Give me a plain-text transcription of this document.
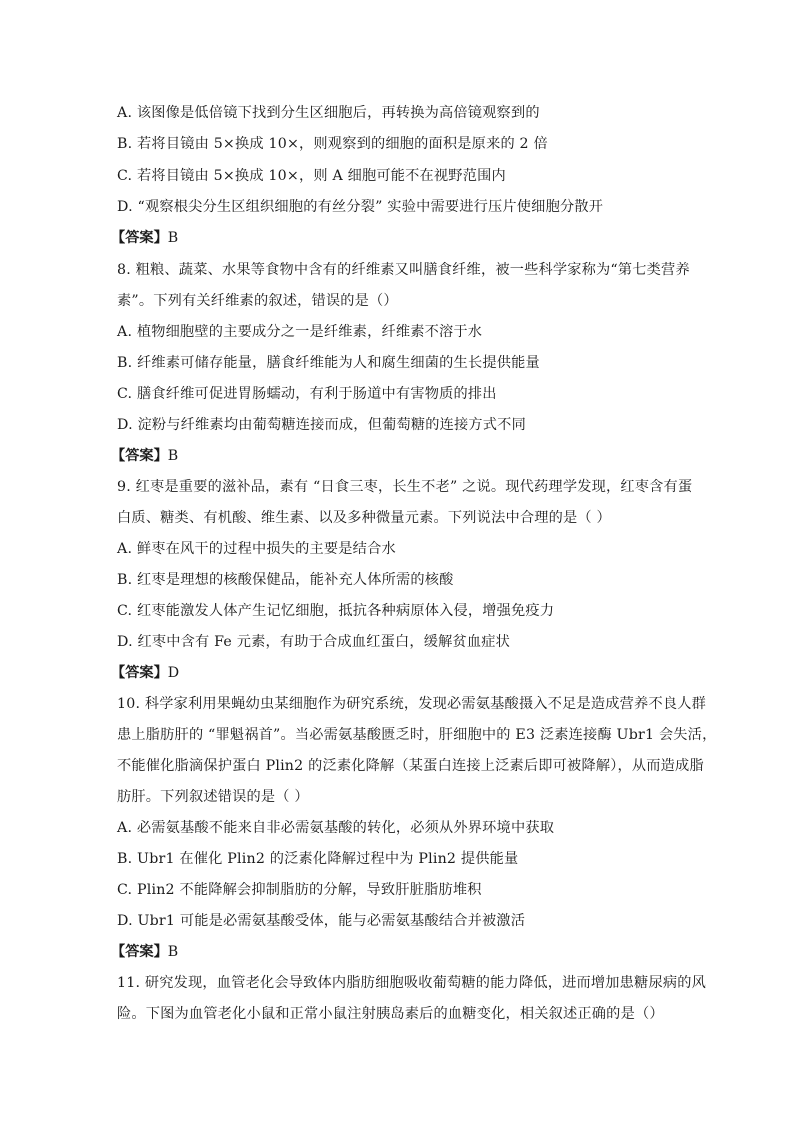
A. 该图像是低倍镜下找到分生区细胞后，再转换为高倍镜观察到的
B. 若将目镜由 5×换成 10×，则观察到的细胞的面积是原来的 2 倍
C. 若将目镜由 5×换成 10×，则 A 细胞可能不在视野范围内
D. “观察根尖分生区组织细胞的有丝分裂” 实验中需要进行压片使细胞分散开
【答案】B
8. 粗粮、蔬菜、水果等食物中含有的纤维素又叫膳食纤维，被一些科学家称为“第七类营养
素”。下列有关纤维素的叙述，错误的是（）
A. 植物细胞壁的主要成分之一是纤维素，纤维素不溶于水
B. 纤维素可储存能量，膳食纤维能为人和腐生细菌的生长提供能量
C. 膳食纤维可促进胃肠蠕动，有利于肠道中有害物质的排出
D. 淀粉与纤维素均由葡萄糖连接而成，但葡萄糖的连接方式不同
【答案】B
9. 红枣是重要的滋补品，素有 “日食三枣，长生不老” 之说。现代药理学发现，红枣含有蛋
白质、糖类、有机酸、维生素、以及多种微量元素。下列说法中合理的是（ ）
A. 鲜枣在风干的过程中损失的主要是结合水
B. 红枣是理想的核酸保健品，能补充人体所需的核酸
C. 红枣能激发人体产生记忆细胞，抵抗各种病原体入侵，增强免疫力
D. 红枣中含有 Fe 元素，有助于合成血红蛋白，缓解贫血症状
【答案】D
10. 科学家利用果蝇幼虫某细胞作为研究系统，发现必需氨基酸摄入不足是造成营养不良人群
患上脂肪肝的 “罪魁祸首”。当必需氨基酸匮乏时，肝细胞中的 E3 泛素连接酶 Ubr1 会失活，
不能催化脂滴保护蛋白 Plin2 的泛素化降解（某蛋白连接上泛素后即可被降解），从而造成脂
肪肝。下列叙述错误的是（ ）
A. 必需氨基酸不能来自非必需氨基酸的转化，必须从外界环境中获取
B. Ubr1 在催化 Plin2 的泛素化降解过程中为 Plin2 提供能量
C. Plin2 不能降解会抑制脂肪的分解，导致肝脏脂肪堆积
D. Ubr1 可能是必需氨基酸受体，能与必需氨基酸结合并被激活
【答案】B
11. 研究发现，血管老化会导致体内脂肪细胞吸收葡萄糖的能力降低，进而增加患糖尿病的风
险。下图为血管老化小鼠和正常小鼠注射胰岛素后的血糖变化，相关叙述正确的是（）
